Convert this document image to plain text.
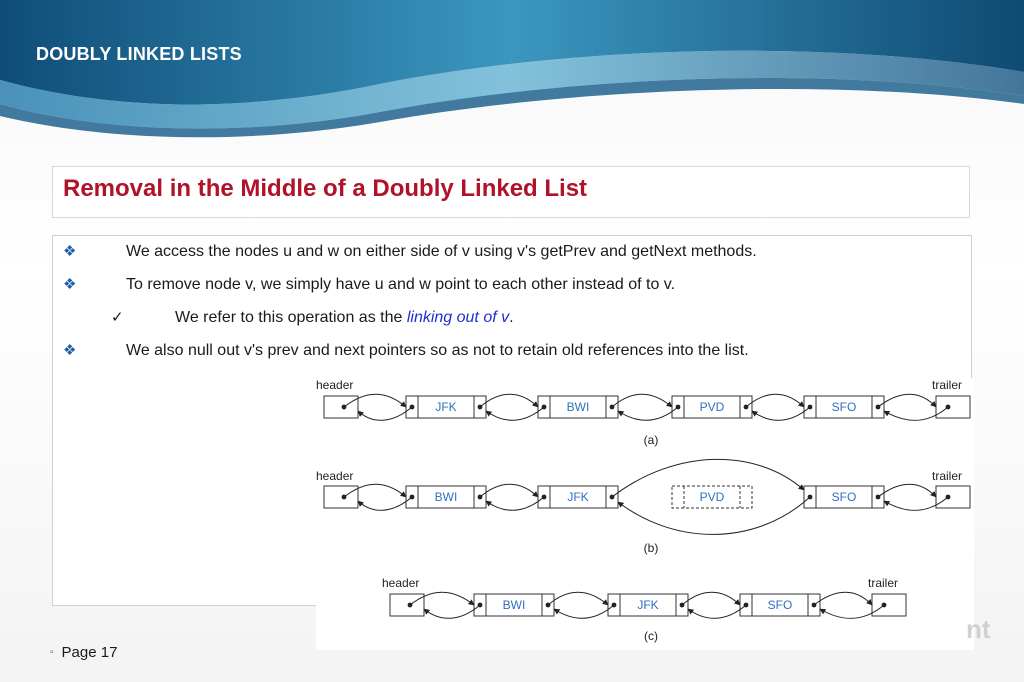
DOUBLY LINKED LISTS
Removal in the Middle of a Doubly Linked List
❖	We access the nodes u and w on either side of v using v's getPrev and getNext methods.
❖	To remove node v, we simply have u and w point to each other instead of to v.
✓	We refer to this operation as the linking out of v.
❖	We also null out v's prev and next pointers so as not to retain old references into the list.
header	trailer
JFK	BWI	PVD	SFO
(a)
header	trailer
BWI	JFK	PVD	SFO
(b)
header	trailer
BWI	JFK	SFO
(c)
▫ Page 17
nt
